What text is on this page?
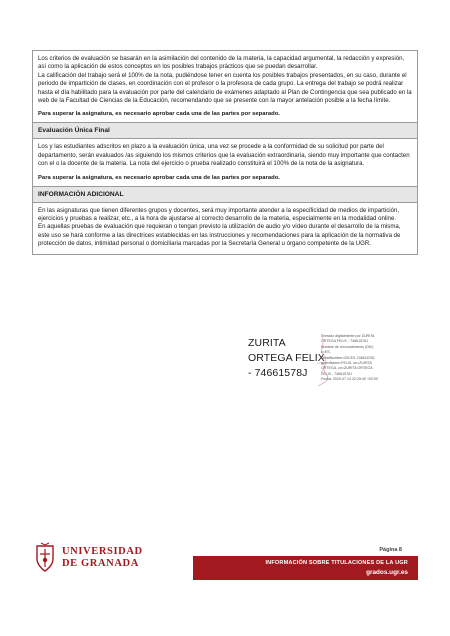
Los criterios de evaluación se basarán en la asimilación del contenido de la materia, la capacidad argumental, la redacción y expresión, así como la aplicación de estos conceptos en los posibles trabajos prácticos que se puedan desarrollar.

La calificación del trabajo será el 100% de la nota, pudiéndose tener en cuenta los posibles trabajos presentados, en su caso, durante el periodo de impartición de clases, en coordinación con el profesor o la profesora de cada grupo. La entrega del trabajo se podrá realizar hasta el día habilitado para la evaluación por parte del calendario de exámenes adaptado al Plan de Contingencia que sea publicado en la web de la Facultad de Ciencias de la Educación, recomendando que se presente con la mayor antelación posible a la fecha límite.

Para superar la asignatura, es necesario aprobar cada una de las partes por separado.
Evaluación Única Final

Los y las estudiantes adscritos en plazo a la evaluación única, una vez se procede a la conformidad de su solicitud por parte del departamento, serán evaluados /as siguiendo los mismos criterios que la evaluación extraordinaria, siendo muy importante que contacten con el o la docente de la materia. La nota del ejercicio o prueba realizado constituirá el 100% de la nota de la asignatura.

Para superar la asignatura, es necesario aprobar cada una de las partes por separado.
INFORMACIÓN ADICIONAL

En las asignaturas que tienen diferentes grupos y docentes, será muy importante atender a la especificidad de medios de impartición, ejercicios y pruebas a realizar, etc., a la hora de ajustarse al correcto desarrollo de la materia, especialmente en la modalidad online.

En aquellas pruebas de evaluación que requieran o tengan previsto la utilización de audio y/o vídeo durante el desarrollo de la misma, este uso se hará conforme a las directrices establecidas en las instrucciones y recomendaciones para la aplicación de la normativa de protección de datos, intimidad personal o domiciliaria marcadas por la Secretaría General u órgano competente de la UGR.

ZURITA
ORTEGA FELIX
- 74661578J
Firmado digitalmente por ZURITA
ORTEGA FELIX - 74661578J
Nombre de reconocimiento (DN):
c=ES,
serialNumber=IDCES-74661578J,
givenName=FELIX, sn=ZURITA
ORTEGA, cn=ZURITA ORTEGA
FELIX - 74661578J
Fecha: 2020.07.14 22:29:40 +02'00'
Página 8
UNIVERSIDAD
DE GRANADA	INFORMACIÓN SOBRE TITULACIONES DE LA UGR
grados.ugr.es
